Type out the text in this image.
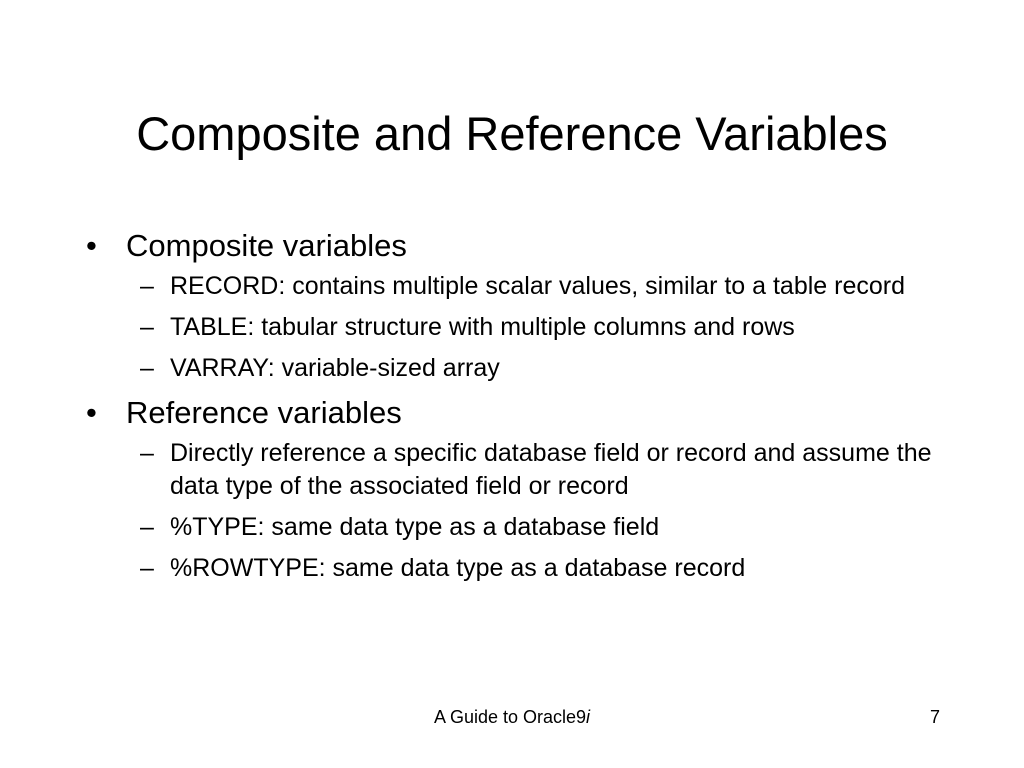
Composite and Reference Variables
• Composite variables
– RECORD: contains multiple scalar values, similar to a table record
– TABLE: tabular structure with multiple columns and rows
– VARRAY: variable-sized array
• Reference variables
– Directly reference a specific database field or record and assume the data type of the associated field or record
– %TYPE: same data type as a database field
– %ROWTYPE: same data type as a database record
A Guide to Oracle9i	7
